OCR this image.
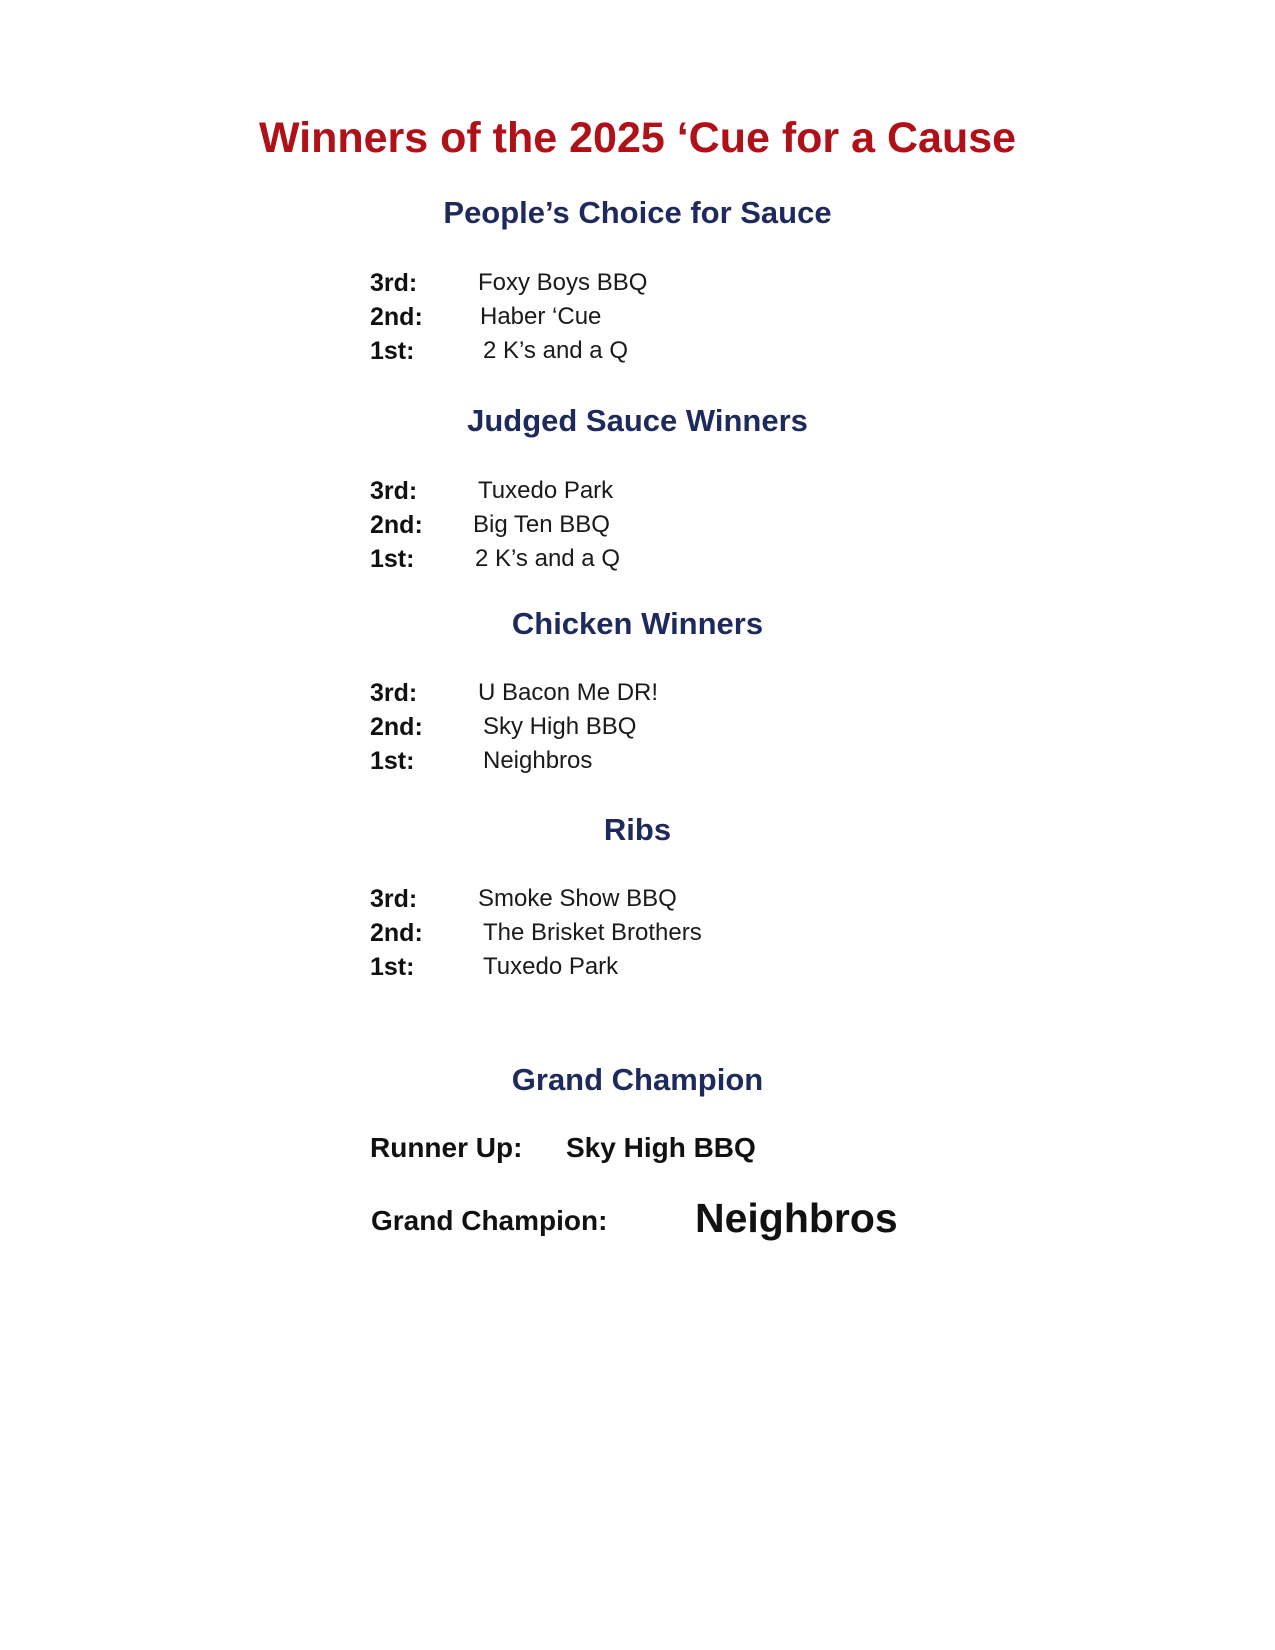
Winners of the 2025 ‘Cue for a Cause
People’s Choice for Sauce
3rd:	Foxy Boys BBQ
2nd: Haber ‘Cue
1st:	2 K’s and a Q
Judged Sauce Winners
3rd:	Tuxedo Park
2nd: Big Ten BBQ
1st:	2 K’s and a Q
Chicken Winners
3rd:	U Bacon Me DR!
2nd:	Sky High BBQ
1st:	Neighbros
Ribs
3rd:	Smoke Show BBQ
2nd:	The Brisket Brothers
1st:	Tuxedo Park
Grand Champion
Runner Up: Sky High BBQ
Grand Champion: Neighbros
